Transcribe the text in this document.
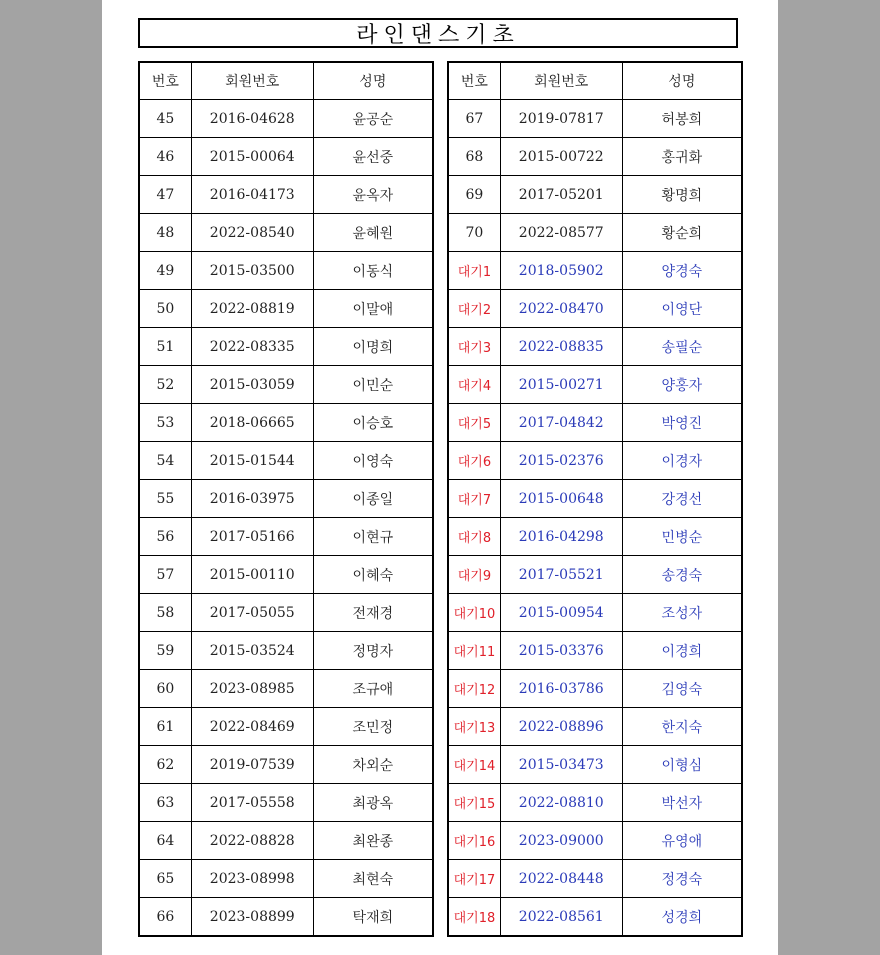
라인댄스기초
번호	회원번호	성명
45	2016-04628	윤공순
46	2015-00064	윤선중
47	2016-04173	윤옥자
48	2022-08540	윤혜원
49	2015-03500	이동식
50	2022-08819	이말애
51	2022-08335	이명희
52	2015-03059	이민순
53	2018-06665	이승호
54	2015-01544	이영숙
55	2016-03975	이종일
56	2017-05166	이현규
57	2015-00110	이혜숙
58	2017-05055	전재경
59	2015-03524	정명자
60	2023-08985	조규애
61	2022-08469	조민정
62	2019-07539	차외순
63	2017-05558	최광옥
64	2022-08828	최완종
65	2023-08998	최현숙
66	2023-08899	탁재희
번호	회원번호	성명
67	2019-07817	허봉희
68	2015-00722	홍귀화
69	2017-05201	황명희
70	2022-08577	황순희
대기1	2018-05902	양경숙
대기2	2022-08470	이영단
대기3	2022-08835	송필순
대기4	2015-00271	양홍자
대기5	2017-04842	박영진
대기6	2015-02376	이경자
대기7	2015-00648	강경선
대기8	2016-04298	민병순
대기9	2017-05521	송경숙
대기10	2015-00954	조성자
대기11	2015-03376	이경희
대기12	2016-03786	김영숙
대기13	2022-08896	한지숙
대기14	2015-03473	이형심
대기15	2022-08810	박선자
대기16	2023-09000	유영애
대기17	2022-08448	정경숙
대기18	2022-08561	성경희
